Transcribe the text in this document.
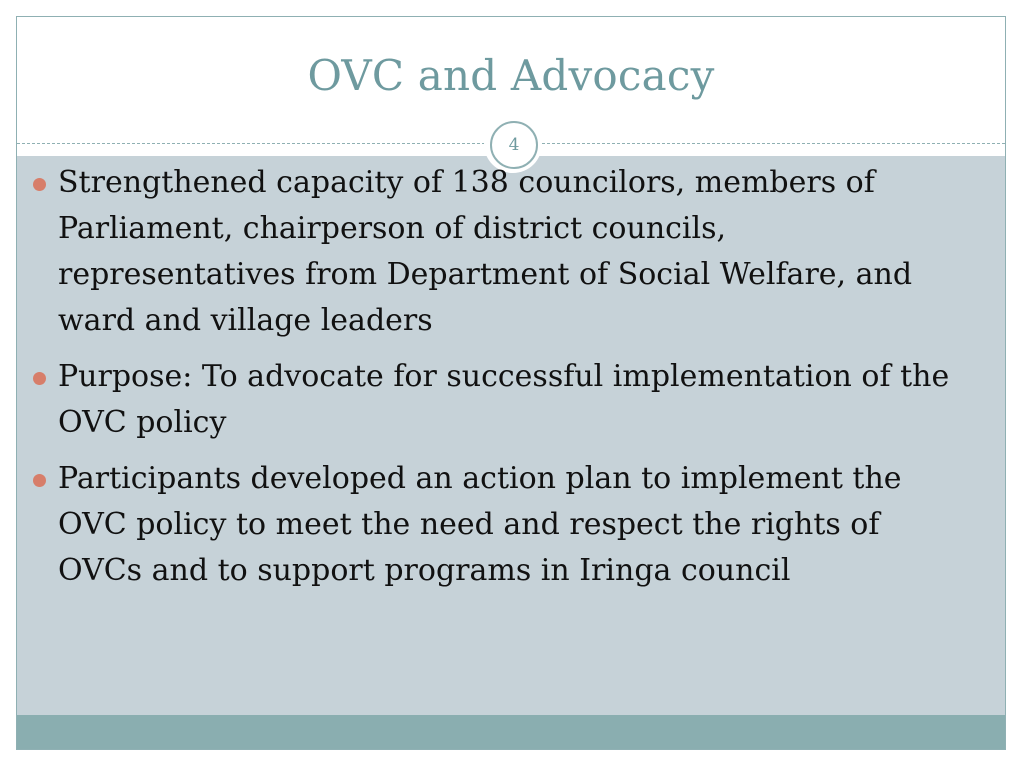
OVC and Advocacy
4
Strengthened capacity of 138 councilors, members of Parliament, chairperson of district councils, representatives from Department of Social Welfare, and ward and village leaders
Purpose: To advocate for successful implementation of the OVC policy
Participants developed an action plan to implement the OVC policy to meet the need and respect the rights of OVCs and to support programs in Iringa council
